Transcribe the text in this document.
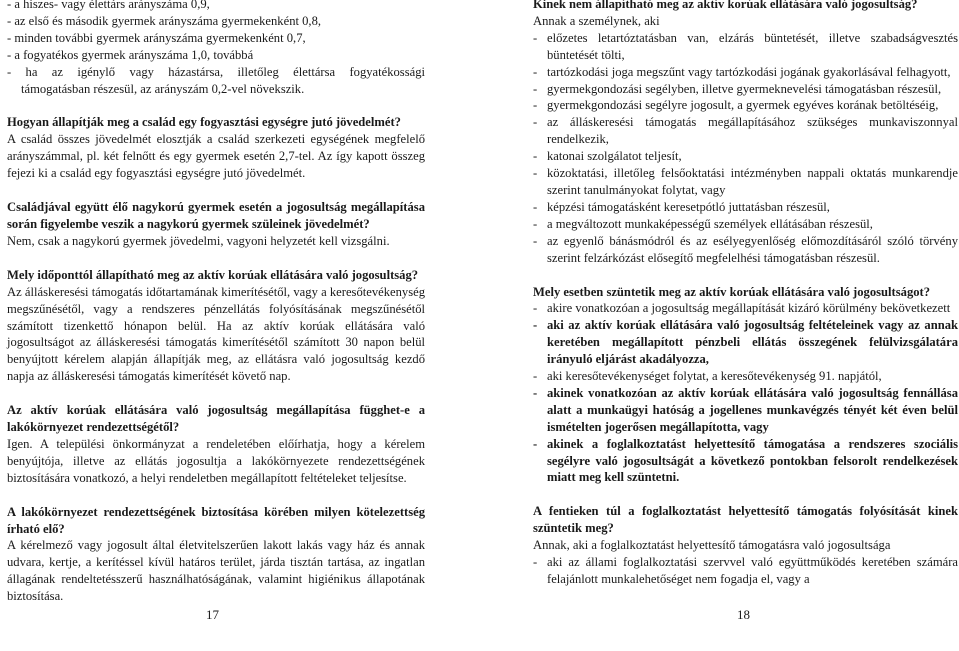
- a hiszes- vagy élettárs arányszáma 0,9,
- az első és második gyermek arányszáma gyermekenként 0,8,
- minden további gyermek arányszáma gyermekenként 0,7,
- a fogyatékos gyermek arányszáma 1,0, továbbá

- ha az igénylő vagy házastársa, illetőleg élettársa fogyatékossági

támogatásban részesül, az arányszám 0,2-vel növekszik.

Hogyan állapítják meg a család egy fogyasztási egységre jutó jövedelmét?

A család összes jövedelmét elosztják a család szerkezeti egységének megfelelő arányszámmal, pl. két felnőtt és egy gyermek esetén 2,7-tel. Az így kapott összeg fejezi ki a család egy fogyasztási egységre jutó jövedelmét.

Családjával együtt élő nagykorú gyermek esetén a jogosultság megállapítása során figyelembe veszik a nagykorú gyermek szüleinek jövedelmét?

Nem, csak a nagykorú gyermek jövedelmi, vagyoni helyzetét kell vizsgálni.

Mely időponttól állapítható meg az aktív korúak ellátására való jogosultság?

Az álláskeresési támogatás időtartamának kimerítésétől, vagy a keresőtevékenység megszűnésétől, vagy a rendszeres pénzellátás folyósításának megszűnésétől számított tizenkettő hónapon belül. Ha az aktív korúak ellátására való jogosultságot az álláskeresési támogatás kimerítésétől számított 30 napon belül benyújtott kérelem alapján állapítják meg, az ellátásra való jogosultság kezdő napja az álláskeresési támogatás kimerítését követő nap.

Az aktív korúak ellátására való jogosultság megállapítása függhet-e a lakókörnyezet rendezettségétől?

Igen. A települési önkormányzat a rendeletében előírhatja, hogy a kérelem benyújtója, illetve az ellátás jogosultja a lakókörnyezete rendezettségének biztosítására vonatkozó, a helyi rendeletben megállapított feltételeket teljesítse.

A lakókörnyezet rendezettségének biztosítása körében milyen kötelezettség írható elő?

A kérelmező vagy jogosult által életvitelszerűen lakott lakás vagy ház és annak udvara, kertje, a kerítéssel kívül határos terület, járda tisztán tartása, az ingatlan állagának rendeltetésszerű használhatóságának, valamint higiénikus állapotának biztosítása.

17

Kinek nem állapítható meg az aktív korúak ellátására való jogosultság?

Annak a személynek, aki

- előzetes letartóztatásban van, elzárás büntetését, illetve szabadságvesztés büntetését tölti,
- tartózkodási joga megszűnt vagy tartózkodási jogának gyakorlásával felhagyott,
- gyermekgondozási segélyben, illetve gyermeknevelési támogatásban részesül,
- gyermekgondozási segélyre jogosult, a gyermek egyéves korának betöltéséig,
- az álláskeresési támogatás megállapításához szükséges munkaviszonnyal rendelkezik,
- katonai szolgálatot teljesít,
- közoktatási, illetőleg felsőoktatási intézményben nappali oktatás munkarendje szerint tanulmányokat folytat, vagy
- képzési támogatásként keresetpótló juttatásban részesül,
- a megváltozott munkaképességű személyek ellátásában részesül,
- az egyenlő bánásmódról és az esélyegyenlőség előmozdításáról szóló törvény szerint felzárkózást elősegítő megfelelhési támogatásban részesül.

Mely esetben szüntetik meg az aktív korúak ellátására való jogosultságot?

- akire vonatkozóan a jogosultság megállapítását kizáró körülmény bekövetkezett
- aki az aktív korúak ellátására való jogosultság feltételeinek vagy az annak keretében megállapított pénzbeli ellátás összegének felülvizsgálatára irányuló eljárást akadályozza,
- aki keresőtevékenységet folytat, a keresőtevékenység 91. napjától,
- akinek vonatkozóan az aktív korúak ellátására való jogosultság fennállása alatt a munkaügyi hatóság a jogellenes munkavégzés tényét két éven belül ismételten jogerősen megállapította, vagy
- akinek a foglalkoztatást helyettesítő támogatása a rendszeres szociális segélyre való jogosultságát a következő pontokban felsorolt rendelkezések miatt meg kell szüntetni.

A fentieken túl a foglalkoztatást helyettesítő támogatás folyósítását kinek szüntetik meg?

Annak, aki a foglalkoztatást helyettesítő támogatásra való jogosultsága

- aki az állami foglalkoztatási szervvel való együttműködés keretében számára felajánlott munkalehetőséget nem fogadja el, vagy a
18
